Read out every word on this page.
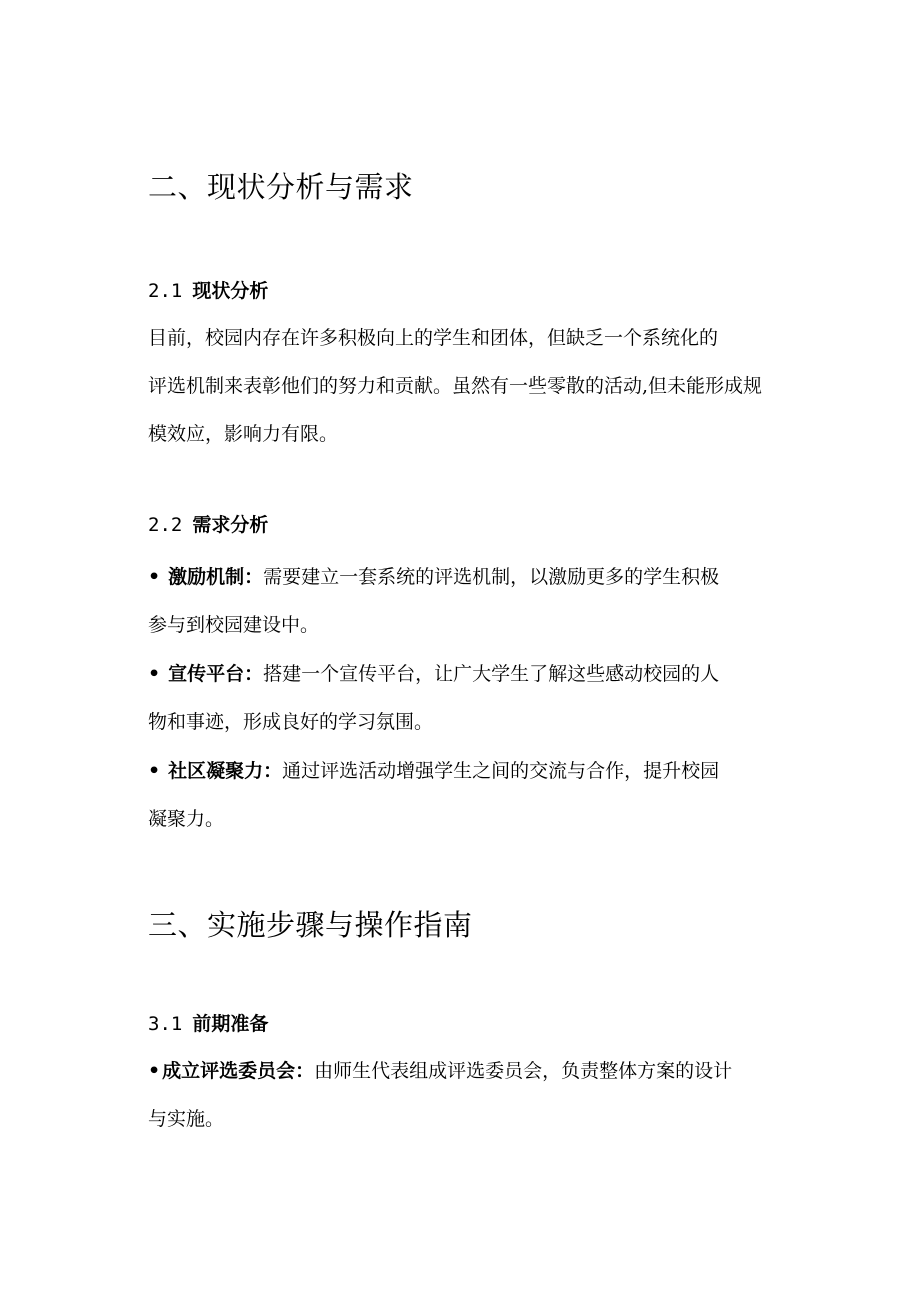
二、现状分析与需求
2.1 现状分析
目前，校园内存在许多积极向上的学生和团体，但缺乏一个系统化的
评选机制来表彰他们的努力和贡献。虽然有一些零散的活动,但未能形成规
模效应，影响力有限。
2.2 需求分析
• 激励机制：需要建立一套系统的评选机制，以激励更多的学生积极
参与到校园建设中。
• 宣传平台：搭建一个宣传平台，让广大学生了解这些感动校园的人
物和事迹，形成良好的学习氛围。
• 社区凝聚力：通过评选活动增强学生之间的交流与合作，提升校园
凝聚力。
三、实施步骤与操作指南
3.1 前期准备
• 成立评选委员会：由师生代表组成评选委员会，负责整体方案的设计
与实施。
